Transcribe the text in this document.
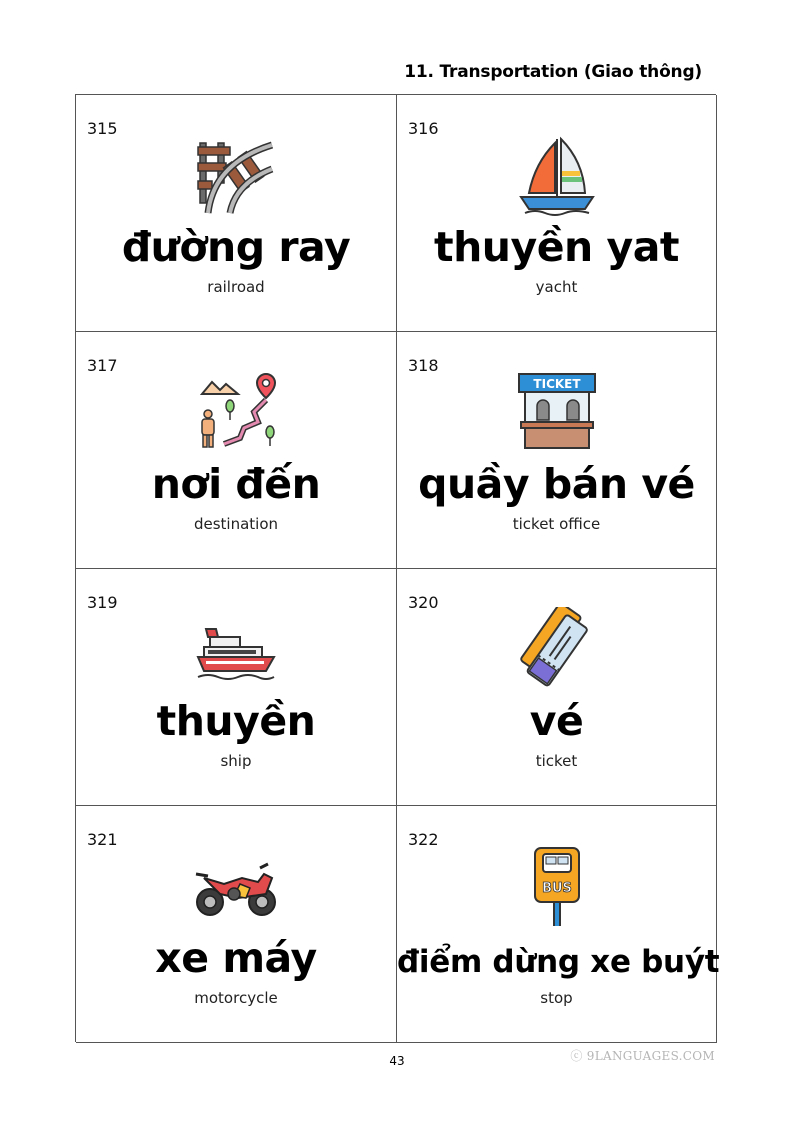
11. Transportation (Giao thông)
315
đường ray
railroad
316
thuyền yat
yacht
317
nơi đến
destination
318
TICKET
quầy bán vé
ticket office
319
thuyền
ship
320
vé
ticket
321
xe máy
motorcycle
322
BUS
điểm dừng xe buýt
stop
43	ⓒ 9LANGUAGES.COM
